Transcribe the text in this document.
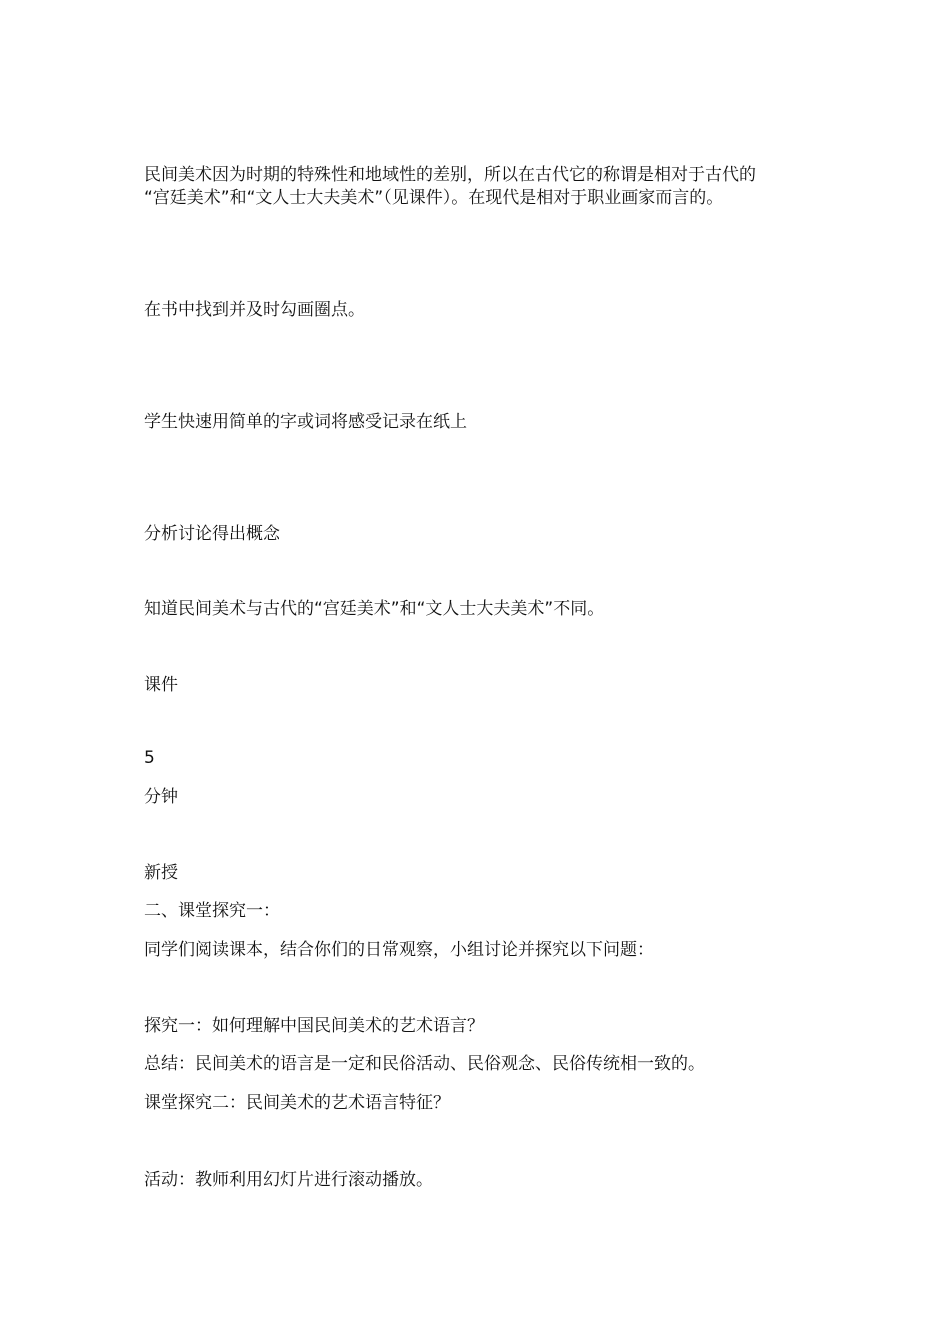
民间美术因为时期的特殊性和地域性的差别，所以在古代它的称谓是相对于古代的
“宫廷美术”和“文人士大夫美术”（见课件）。在现代是相对于职业画家而言的。
在书中找到并及时勾画圈点。
学生快速用简单的字或词将感受记录在纸上
分析讨论得出概念
知道民间美术与古代的“宫廷美术”和“文人士大夫美术”不同。
课件
5
分钟
新授
二、课堂探究一：
同学们阅读课本，结合你们的日常观察，小组讨论并探究以下问题：
探究一：如何理解中国民间美术的艺术语言？
总结：民间美术的语言是一定和民俗活动、民俗观念、民俗传统相一致的。
课堂探究二：民间美术的艺术语言特征？
活动：教师利用幻灯片进行滚动播放。
